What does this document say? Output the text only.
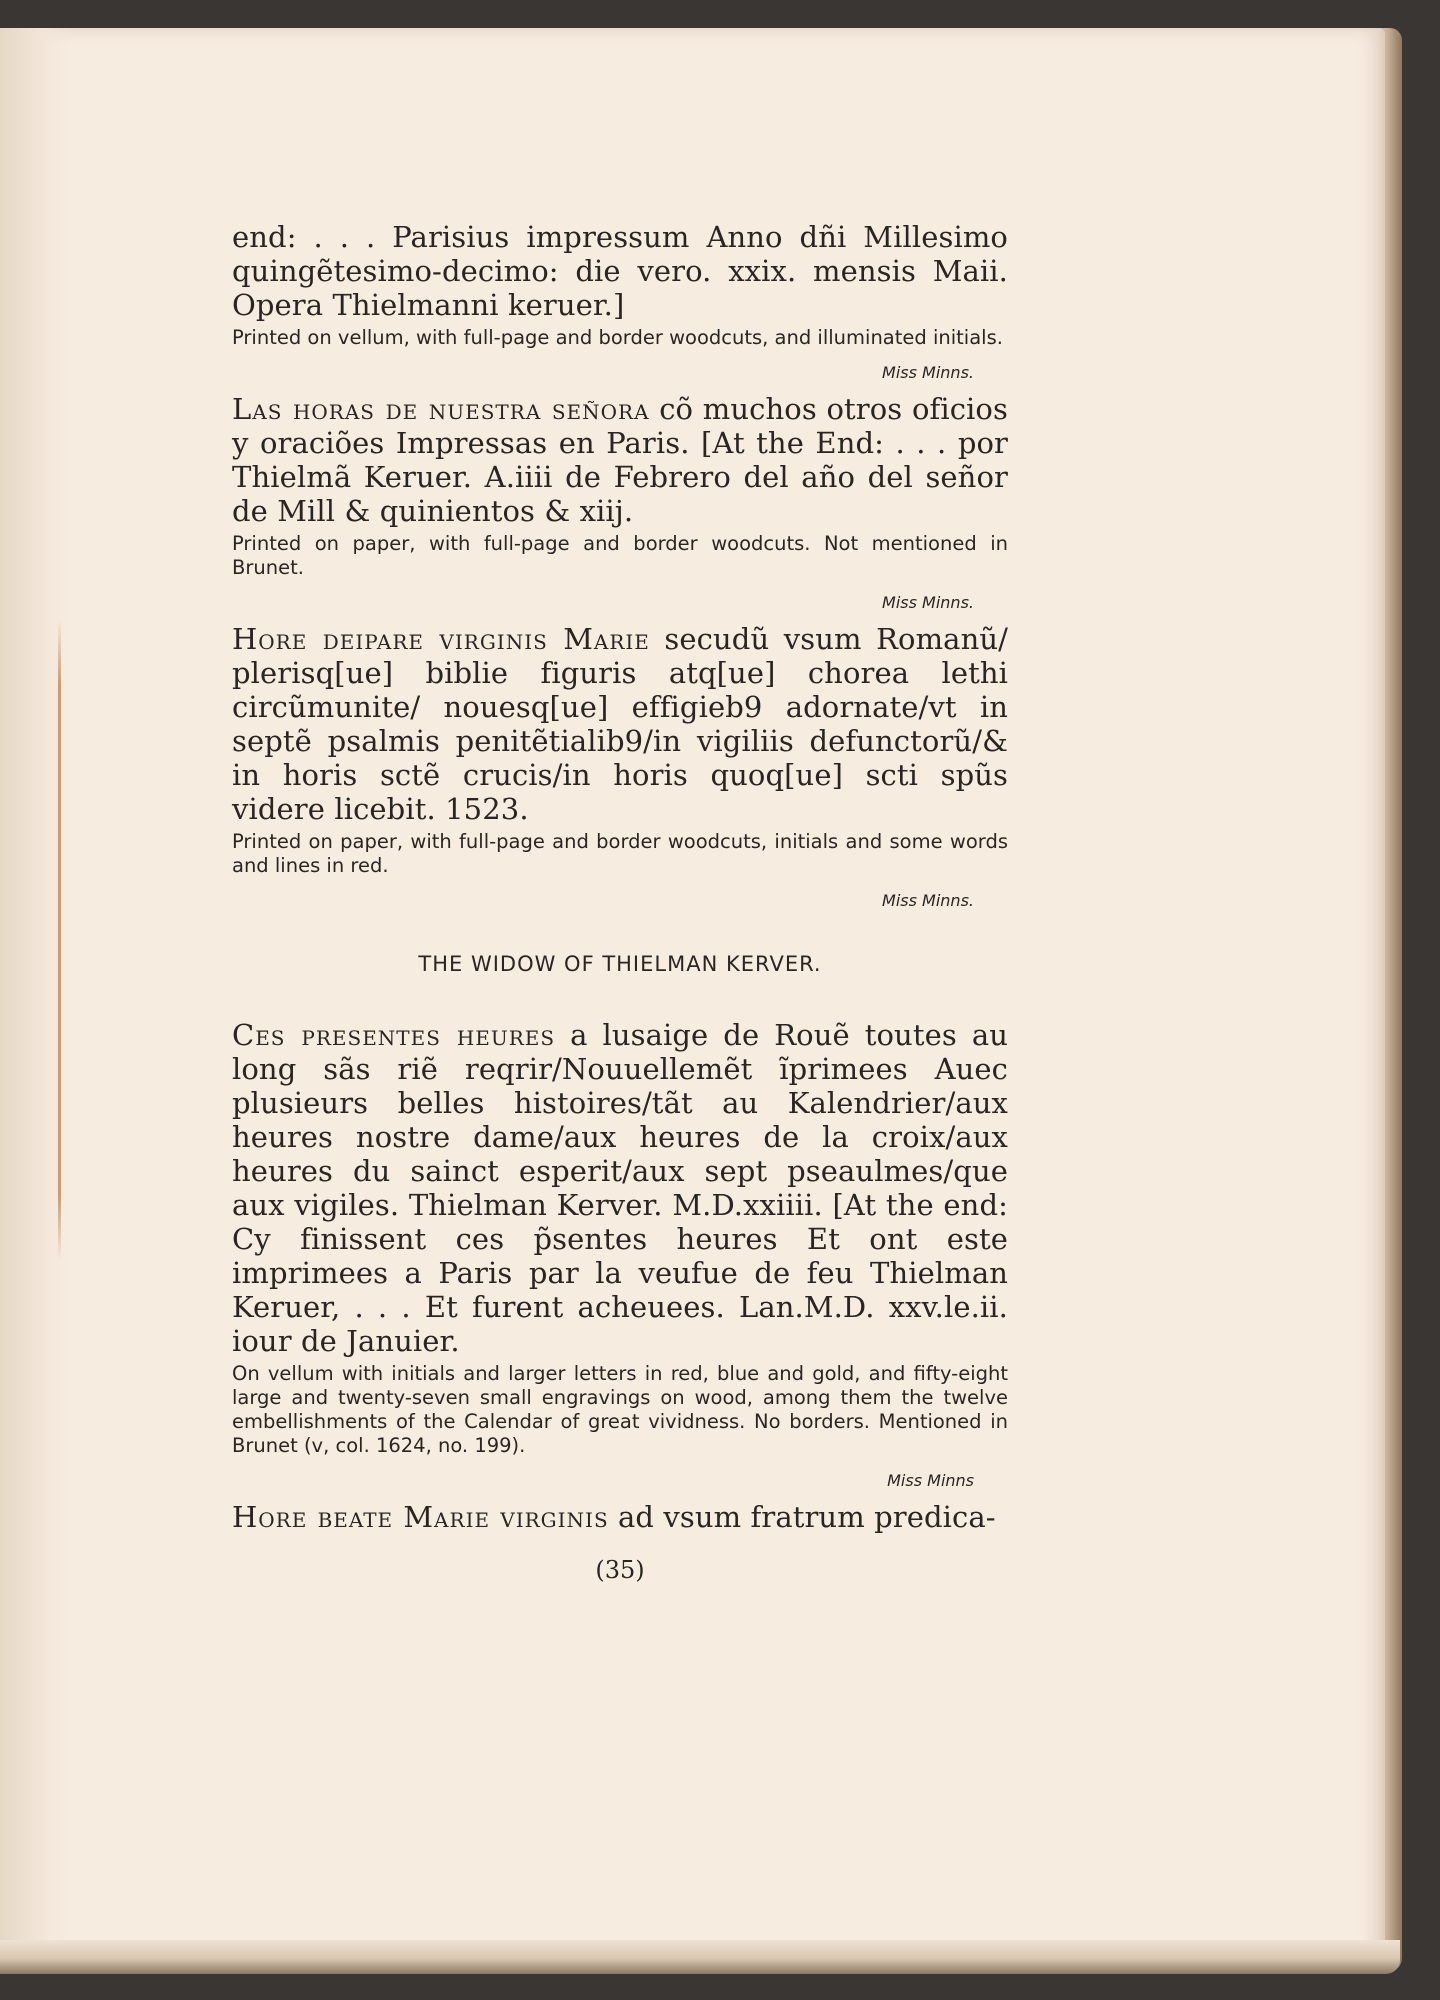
end: . . . Parisius impressum Anno dñi Millesimo quingẽtesimo-decimo: die vero. xxix. mensis Maii. Opera Thielmanni keruer.]

Printed on vellum, with full-page and border woodcuts, and illuminated initials.

Miss Minns.

Las horas de nuestra señora cõ muchos otros oficios y oraciões Impressas en Paris. [At the End: . . . por Thielmã Keruer. A.iiii de Febrero del año del señor de Mill & quinientos & xiij.

Printed on paper, with full-page and border woodcuts. Not mentioned in Brunet.

Miss Minns.

Hore deipare virginis Marie secudũ vsum Romanũ/ plerisq[ue] biblie figuris atq[ue] chorea lethi circũmunite/ nouesq[ue] effigieb9 adornate/vt in septẽ psalmis penitẽtialib9/in vigiliis defunctorũ/& in horis sctẽ crucis/in horis quoq[ue] scti spũs videre licebit. 1523.

Printed on paper, with full-page and border woodcuts, initials and some words and lines in red.

Miss Minns.

THE WIDOW OF THIELMAN KERVER.

Ces presentes heures a lusaige de Rouẽ toutes au long sãs riẽ reqrir/Nouuellemẽt ĩprimees Auec plusieurs belles histoires/tãt au Kalendrier/aux heures nostre dame/aux heures de la croix/aux heures du sainct esperit/aux sept pseaulmes/que aux vigiles. Thielman Kerver. M.D.xxiiii. [At the end: Cy finissent ces p̃sentes heures Et ont este imprimees a Paris par la veufue de feu Thielman Keruer, . . . Et furent acheuees. Lan.M.D. xxv.le.ii. iour de Januier.

On vellum with initials and larger letters in red, blue and gold, and fifty-eight large and twenty-seven small engravings on wood, among them the twelve embellishments of the Calendar of great vividness. No borders. Mentioned in Brunet (v, col. 1624, no. 199).

Miss Minns

Hore beate Marie virginis ad vsum fratrum predica-

(35)
